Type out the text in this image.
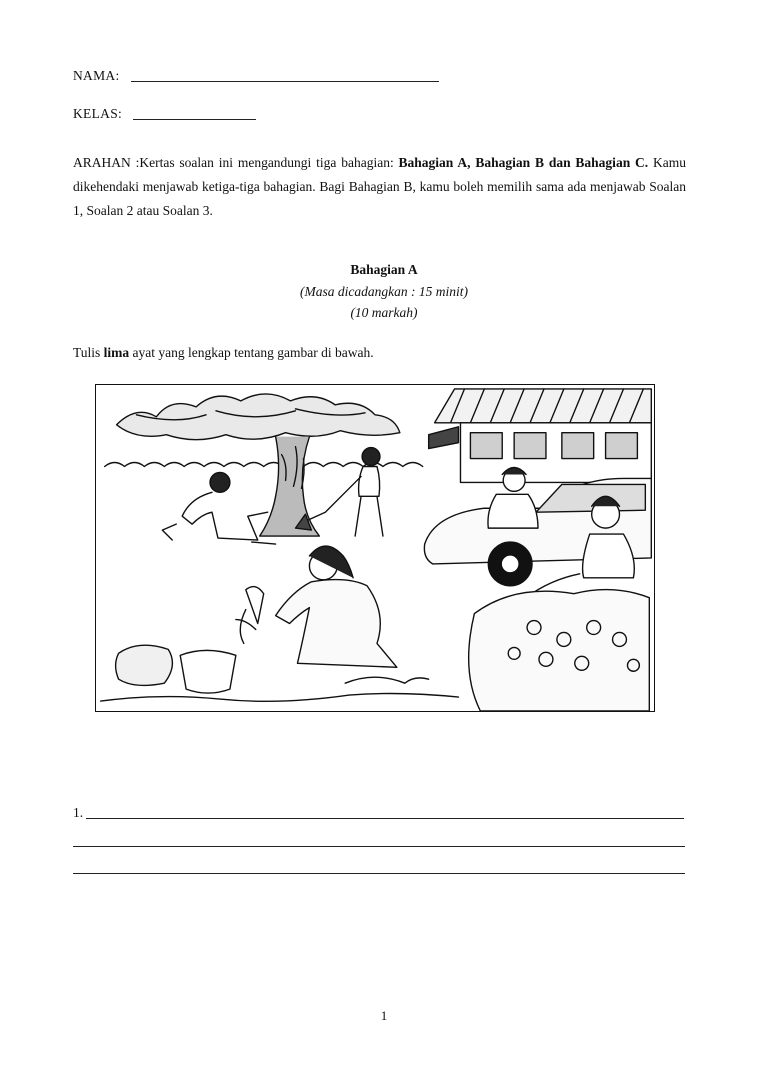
NAMA:
KELAS:
ARAHAN :Kertas soalan ini mengandungi tiga bahagian: Bahagian A, Bahagian B dan Bahagian C. Kamu dikehendaki menjawab ketiga-tiga bahagian. Bagi Bahagian B, kamu boleh memilih sama ada menjawab Soalan 1, Soalan 2 atau Soalan 3.
Bahagian A
(Masa dicadangkan : 15 minit)
(10 markah)
Tulis lima ayat yang lengkap tentang gambar di bawah.
1.
1
